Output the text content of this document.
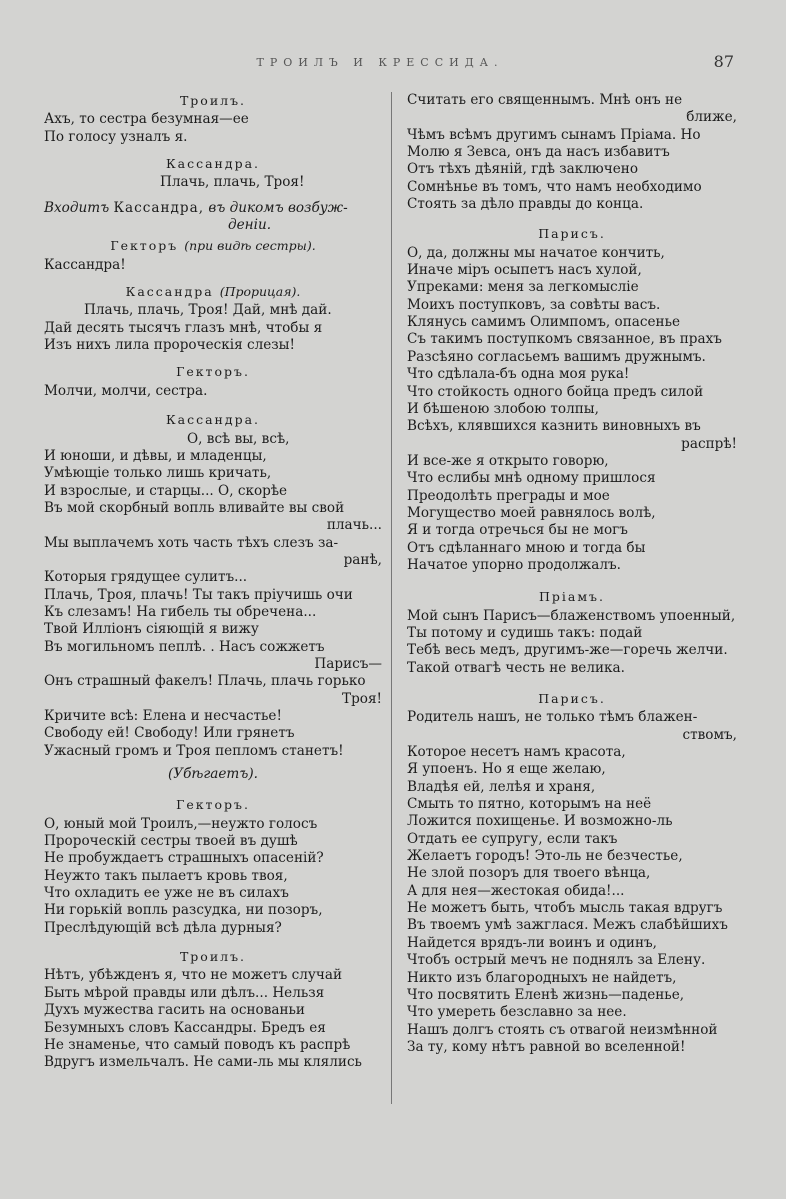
ТРОИЛЪ И КРЕССИДА.	87
Троилъ.
Ахъ, то сестра безумная—ее
По голосу узналъ я.
Кассандра.
Плачь, плачь, Троя!
Входитъ Кассандра, въ дикомъ возбуж-
деніи.
Гекторъ (при видѣ сестры).
Кассандра!
Кассандра (Прорицая).
Плачь, плачь, Троя! Дай, мнѣ дай.
Дай десять тысячъ глазъ мнѣ, чтобы я
Изъ нихъ лила пророческія слезы!
Гекторъ.
Молчи, молчи, сестра.
Кассандра.
О, всѣ вы, всѣ,
И юноши, и дѣвы, и младенцы,
Умѣющіе только лишь кричать,
И взрослые, и старцы... О, скорѣе
Въ мой скорбный вопль вливайте вы свой
плачь...
Мы выплачемъ хоть часть тѣхъ слезъ за-
ранѣ,
Которыя грядущее сулитъ...
Плачь, Троя, плачь! Ты такъ пріучишь очи
Къ слезамъ! На гибель ты обречена...
Твой Илліонъ сіяющій я вижу
Въ могильномъ пеплѣ. . Насъ сожжетъ
Парисъ—
Онъ страшный факелъ! Плачь, плачь горько
Троя!
Кричите всѣ: Елена и несчастье!
Свободу ей! Свободу! Или грянетъ
Ужасный громъ и Троя пепломъ станетъ!
(Убѣгаетъ).
Гекторъ.
О, юный мой Троилъ,—неужто голосъ
Пророческій сестры твоей въ душѣ
Не пробуждаетъ страшныхъ опасеній?
Неужто такъ пылаетъ кровь твоя,
Что охладить ее уже не въ силахъ
Ни горькій вопль разсудка, ни позоръ,
Преслѣдующій всѣ дѣла дурныя?
Троилъ.
Нѣтъ, убѣжденъ я, что не можетъ случай
Быть мѣрой правды или дѣлъ... Нельзя
Духъ мужества гасить на основаньи
Безумныхъ словъ Кассандры. Бредъ ея
Не знаменье, что самый поводъ къ распрѣ
Вдругъ измельчалъ. Не сами-ль мы клялись
Считать его священнымъ. Мнѣ онъ не
ближе,
Чѣмъ всѣмъ другимъ сынамъ Пріама. Но
Молю я Зевса, онъ да насъ избавитъ
Отъ тѣхъ дѣяній, гдѣ заключено
Сомнѣнье въ томъ, что намъ необходимо
Стоять за дѣло правды до конца.
Парисъ.
О, да, должны мы начатое кончить,
Иначе міръ осыпетъ насъ хулой,
Упреками: меня за легкомысліе
Моихъ поступковъ, за совѣты васъ.
Клянусь самимъ Олимпомъ, опасенье
Съ такимъ поступкомъ связанное, въ прахъ
Разсѣяно согласьемъ вашимъ дружнымъ.
Что сдѣлала-бъ одна моя рука!
Что стойкость одного бойца предъ силой
И бѣшеною злобою толпы,
Всѣхъ, клявшихся казнить виновныхъ въ
распрѣ!
И все-же я открыто говорю,
Что еслибы мнѣ одному пришлося
Преодолѣть преграды и мое
Могущество моей равнялось волѣ,
Я и тогда отречься бы не могъ
Отъ сдѣланнаго мною и тогда бы
Начатое упорно продолжалъ.
Пріамъ.
Мой сынъ Парисъ—блаженствомъ упоенный,
Ты потому и судишь такъ: подай
Тебѣ весь медъ, другимъ-же—горечь желчи.
Такой отвагѣ честь не велика.
Парисъ.
Родитель нашъ, не только тѣмъ блажен-
ствомъ,
Которое несетъ намъ красота,
Я упоенъ. Но я еще желаю,
Владѣя ей, лелѣя и храня,
Смыть то пятно, которымъ на неё
Ложится похищенье. И возможно-ль
Отдать ее супругу, если такъ
Желаетъ городъ! Это-ль не безчестье,
Не злой позоръ для твоего вѣнца,
А для нея—жестокая обида!...
Не можетъ быть, чтобъ мысль такая вдругъ
Въ твоемъ умѣ зажглася. Межъ слабѣйшихъ
Найдется врядъ-ли воинъ и одинъ,
Чтобъ острый мечъ не поднялъ за Елену.
Никто изъ благородныхъ не найдетъ,
Что посвятить Еленѣ жизнь—паденье,
Что умереть безславно за нее.
Нашъ долгъ стоять съ отвагой неизмѣнной
За ту, кому нѣтъ равной во вселенной!
